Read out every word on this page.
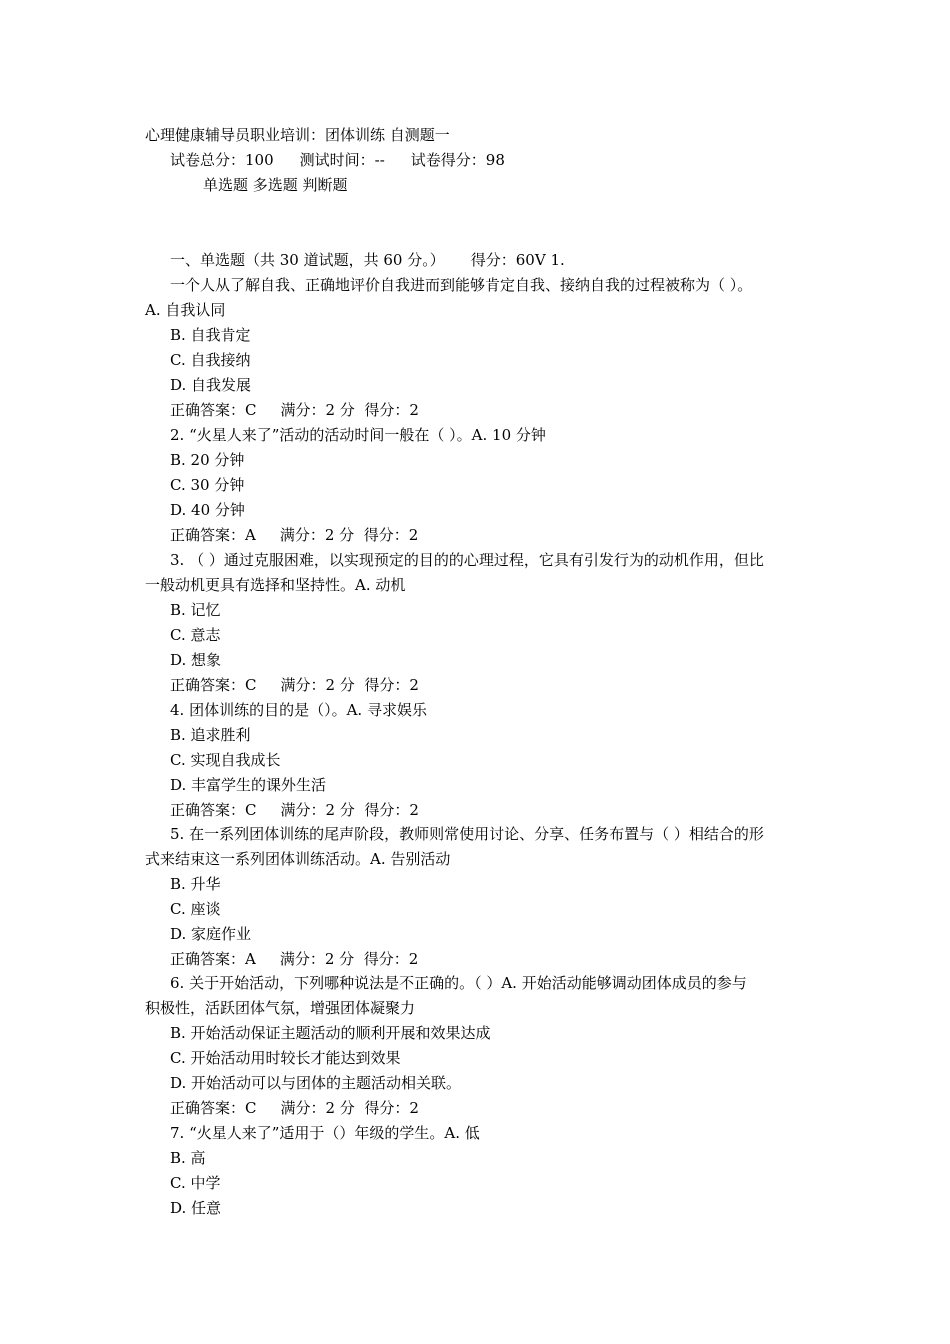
心理健康辅导员职业培训：团体训练 自测题一
试卷总分：100 测试时间：-- 试卷得分：98
单选题 多选题 判断题
一、单选题（共 30 道试题，共 60 分。） 得分：60V 1.
一个人从了解自我、正确地评价自我进而到能够肯定自我、接纳自我的过程被称为（ ）。
A. 自我认同
B. 自我肯定
C. 自我接纳
D. 自我发展
正确答案：C 满分：2 分 得分：2
2. “火星人来了”活动的活动时间一般在（ ）。A. 10 分钟
B. 20 分钟
C. 30 分钟
D. 40 分钟
正确答案：A 满分：2 分 得分：2
3. （ ）通过克服困难，以实现预定的目的的心理过程，它具有引发行为的动机作用，但比
一般动机更具有选择和坚持性。A. 动机
B. 记忆
C. 意志
D. 想象
正确答案：C 满分：2 分 得分：2
4. 团体训练的目的是（）。A. 寻求娱乐
B. 追求胜利
C. 实现自我成长
D. 丰富学生的课外生活
正确答案：C 满分：2 分 得分：2
5. 在一系列团体训练的尾声阶段，教师则常使用讨论、分享、任务布置与（ ）相结合的形
式来结束这一系列团体训练活动。A. 告别活动
B. 升华
C. 座谈
D. 家庭作业
正确答案：A 满分：2 分 得分：2
6. 关于开始活动，下列哪种说法是不正确的。（ ）A. 开始活动能够调动团体成员的参与
积极性，活跃团体气氛，增强团体凝聚力
B. 开始活动保证主题活动的顺利开展和效果达成
C. 开始活动用时较长才能达到效果
D. 开始活动可以与团体的主题活动相关联。
正确答案：C 满分：2 分 得分：2
7. “火星人来了”适用于（）年级的学生。A. 低
B. 高
C. 中学
D. 任意
